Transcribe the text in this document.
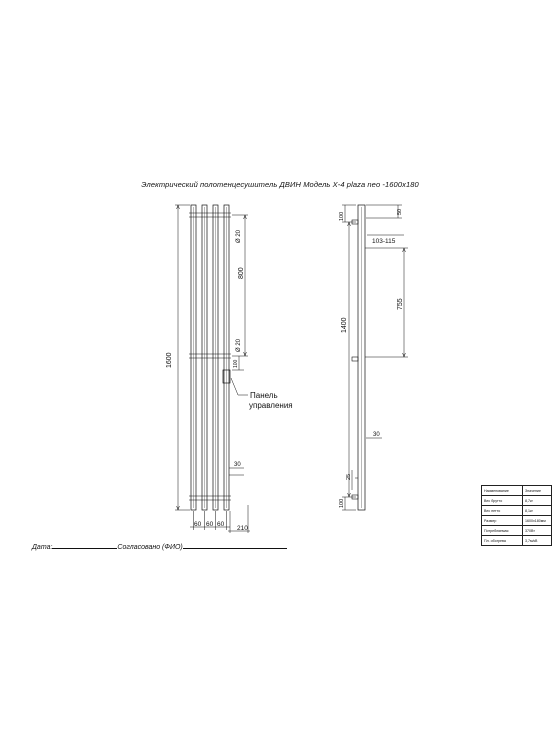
Электрический полотенцесушитель ДВИН Модель X-4 plaza neo -1600x180
1600
800
Ø 20
Ø 20
100
Панель
управления
30
60 60 60
210
100	50
103-115
755
1400
30
25
100
Дата:	Согласовано (ФИО)
Наименование	Значение
Вес брутто	8,7кг
Вес нетто	8,1кг
Размер	1600х180мм
Потребляемая	370Вт
Пл. обогрева	3,7м/кВ
